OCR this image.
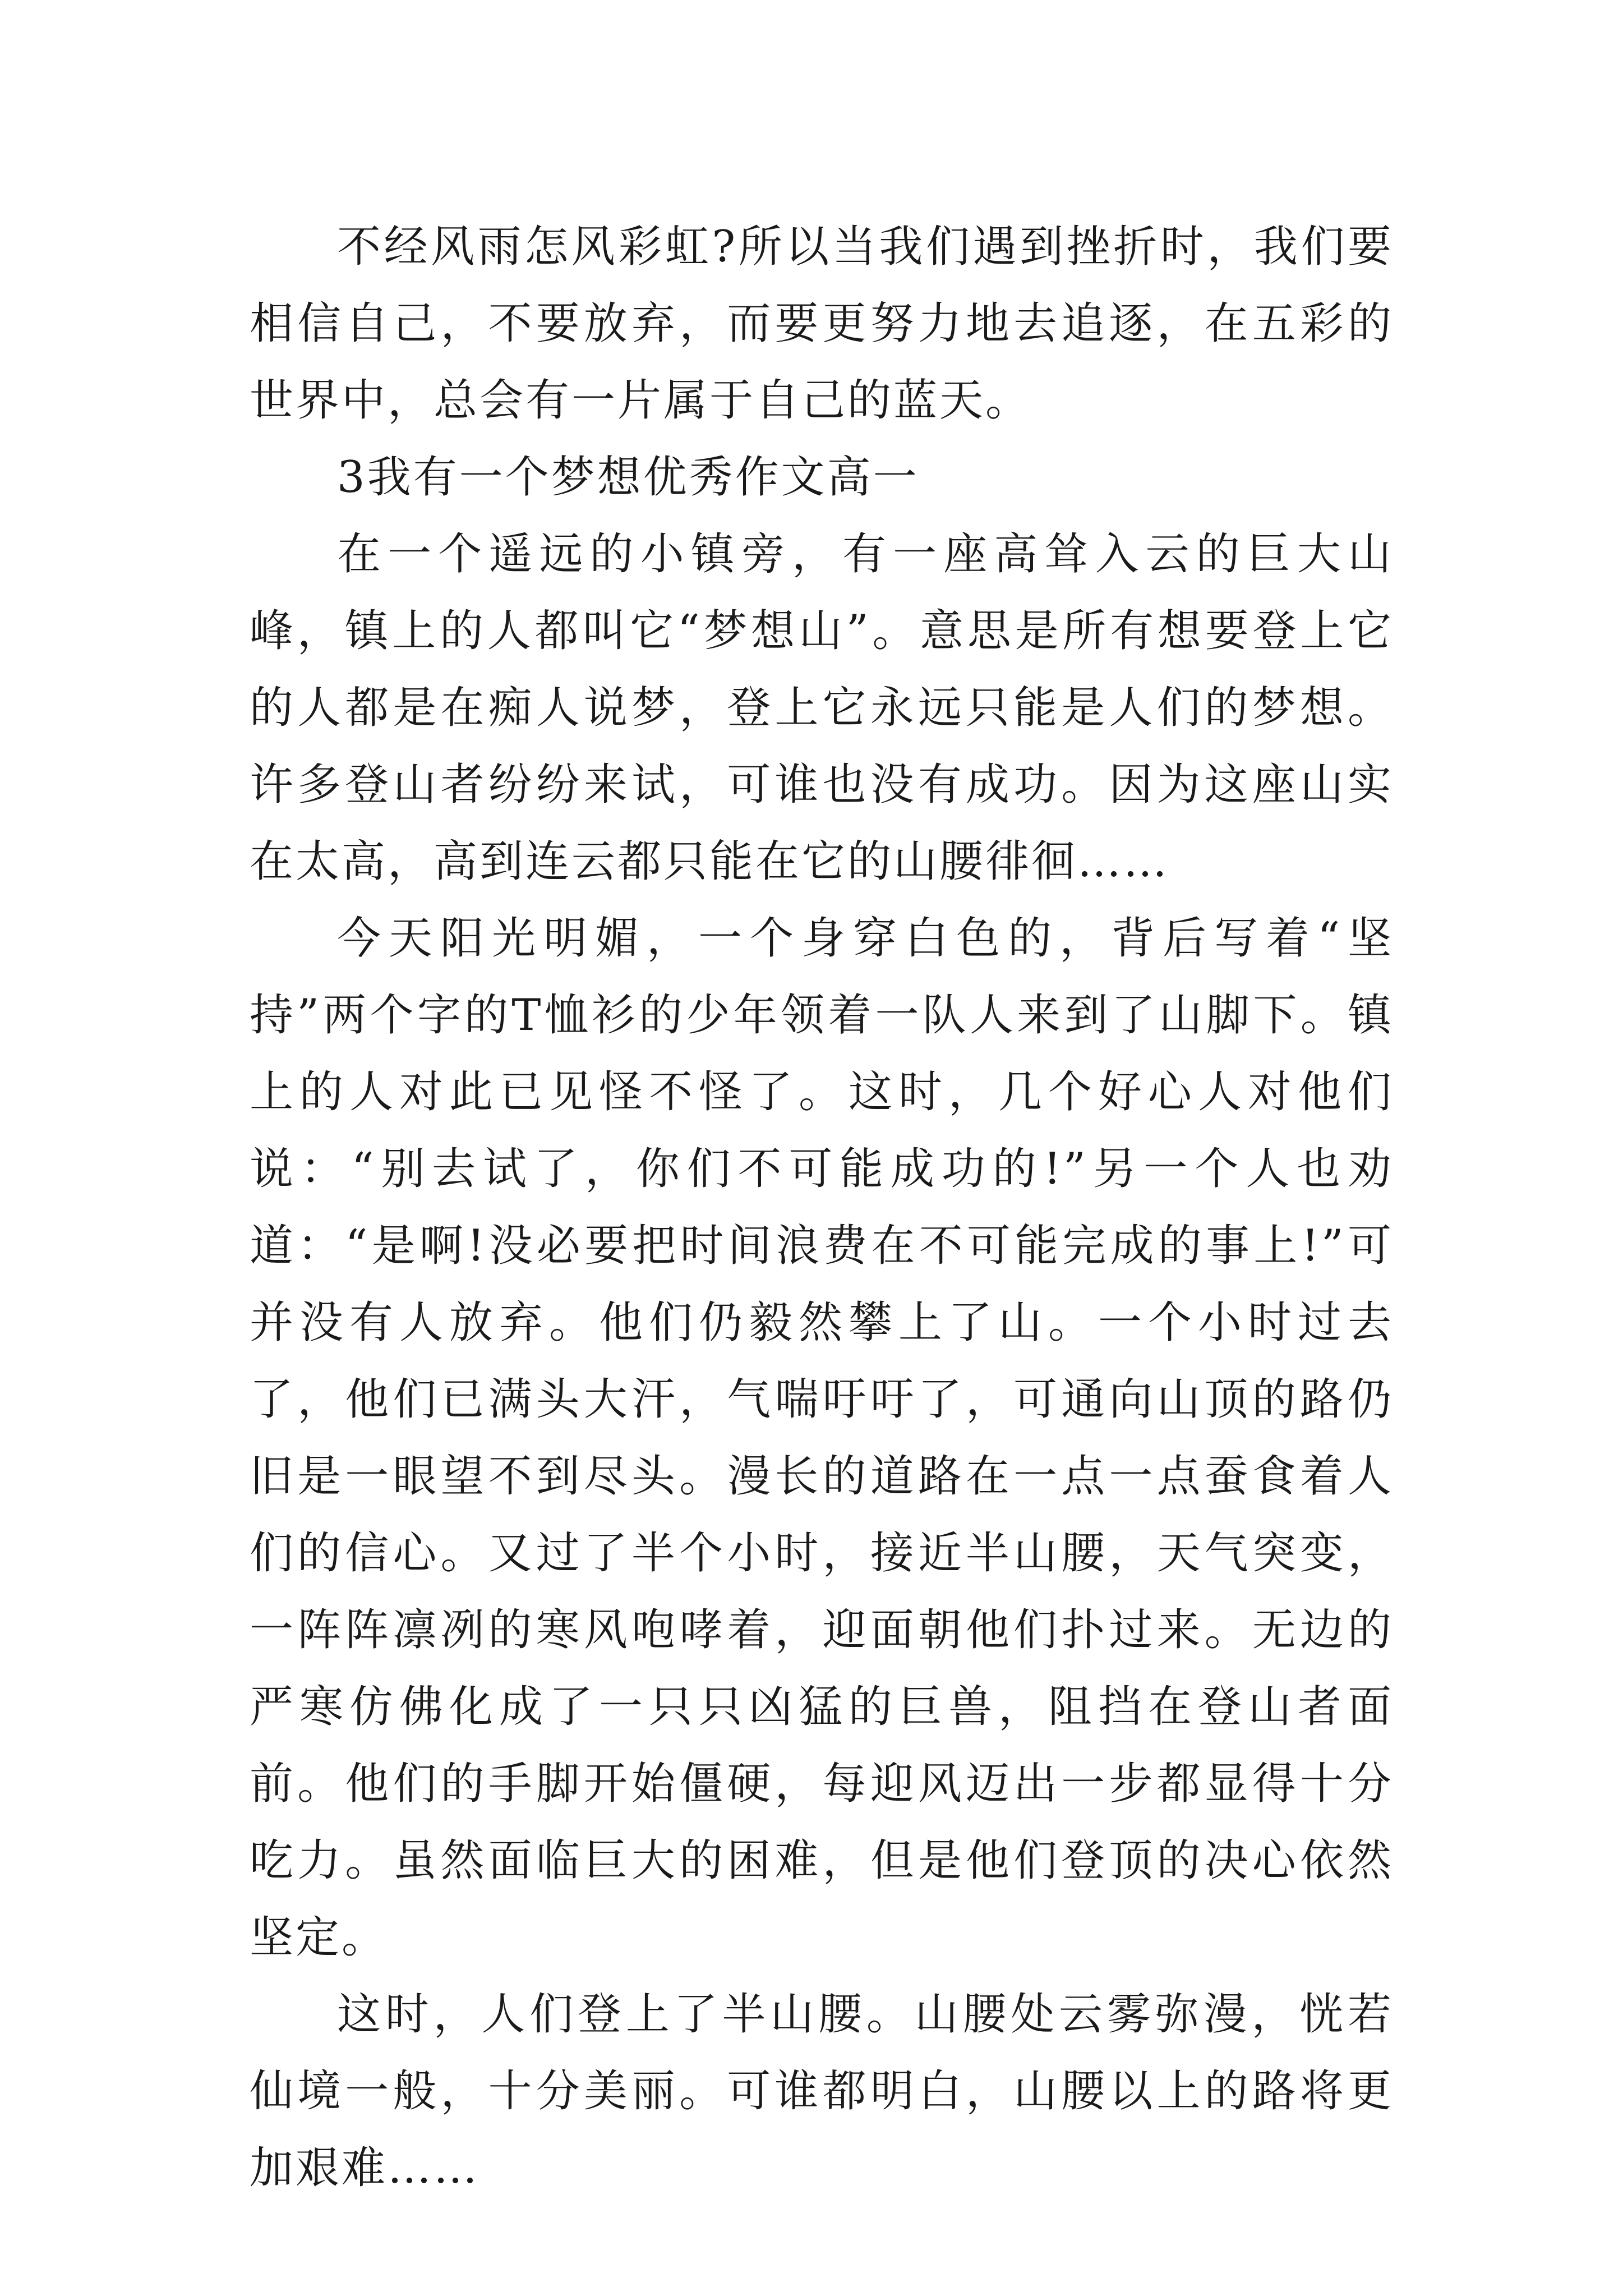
不经风雨怎风彩虹?所以当我们遇到挫折时，我们要相信自己，不要放弃，而要更努力地去追逐，在五彩的世界中，总会有一片属于自己的蓝天。

3我有一个梦想优秀作文高一

在一个遥远的小镇旁，有一座高耸入云的巨大山峰，镇上的人都叫它“梦想山”。意思是所有想要登上它的人都是在痴人说梦，登上它永远只能是人们的梦想。许多登山者纷纷来试，可谁也没有成功。因为这座山实在太高，高到连云都只能在它的山腰徘徊……

今天阳光明媚，一个身穿白色的，背后写着“坚持”两个字的T恤衫的少年领着一队人来到了山脚下。镇上的人对此已见怪不怪了。这时，几个好心人对他们说：“别去试了，你们不可能成功的!”另一个人也劝道：“是啊!没必要把时间浪费在不可能完成的事上!”可并没有人放弃。他们仍毅然攀上了山。一个小时过去了，他们已满头大汗，气喘吁吁了，可通向山顶的路仍旧是一眼望不到尽头。漫长的道路在一点一点蚕食着人们的信心。又过了半个小时，接近半山腰，天气突变，一阵阵凛冽的寒风咆哮着，迎面朝他们扑过来。无边的严寒仿佛化成了一只只凶猛的巨兽，阻挡在登山者面前。他们的手脚开始僵硬，每迎风迈出一步都显得十分吃力。虽然面临巨大的困难，但是他们登顶的决心依然坚定。

这时，人们登上了半山腰。山腰处云雾弥漫，恍若仙境一般，十分美丽。可谁都明白，山腰以上的路将更加艰难……
